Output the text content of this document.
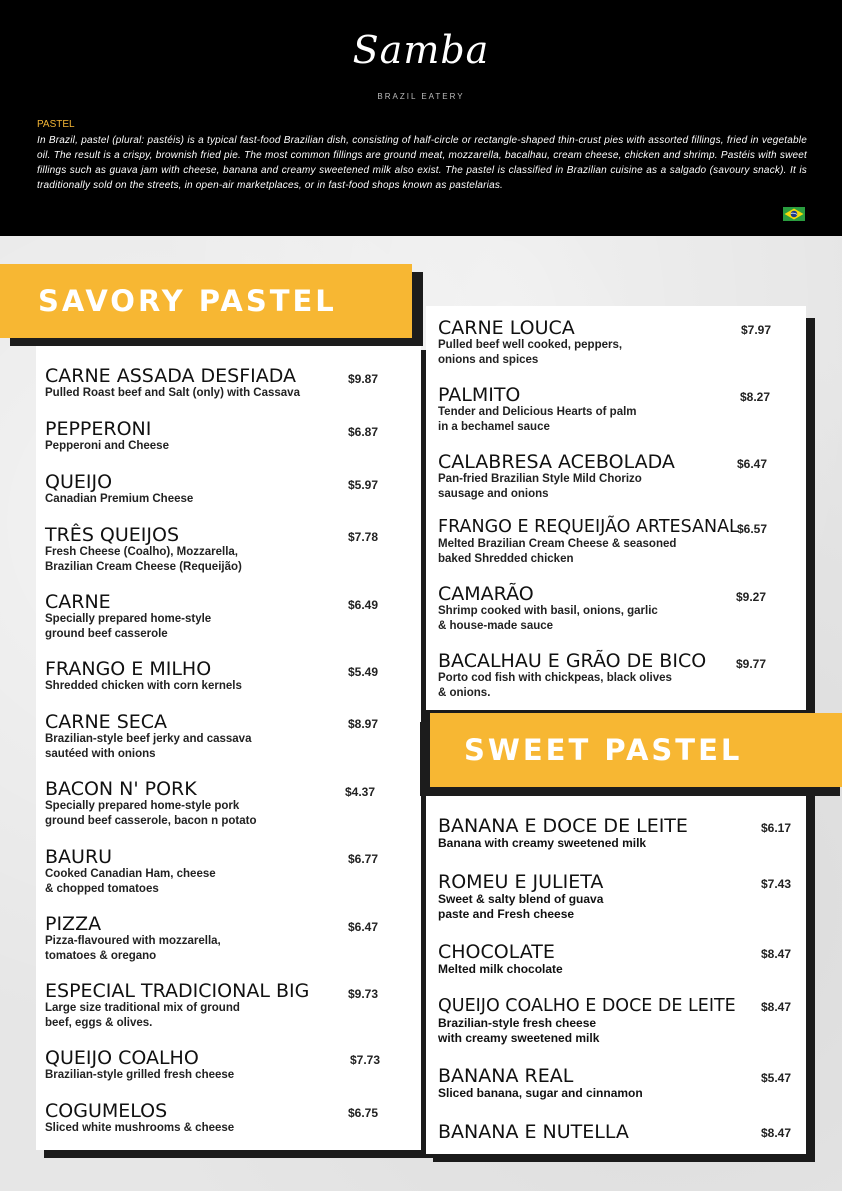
Samba
BRAZIL EATERY
PASTEL
In Brazil, pastel (plural: pastéis) is a typical fast-food Brazilian dish, consisting of half-circle or rectangle-shaped thin-crust pies with assorted fillings, fried in vegetable oil. The result is a crispy, brownish fried pie. The most common fillings are ground meat, mozzarella, bacalhau, cream cheese, chicken and shrimp. Pastéis with sweet fillings such as guava jam with cheese, banana and creamy sweetened milk also exist. The pastel is classified in Brazilian cuisine as a salgado (savoury snack). It is traditionally sold on the streets, in open-air marketplaces, or in fast-food shops known as pastelarias.
SAVORY PASTEL
SWEET PASTEL
CARNE ASSADA DESFIADA
Pulled Roast beef and Salt (only) with Cassava
$9.87
PEPPERONI
Pepperoni and Cheese
$6.87
QUEIJO
Canadian Premium Cheese
$5.97
TRÊS QUEIJOS
Fresh Cheese (Coalho), Mozzarella,
Brazilian Cream Cheese (Requeijão)
$7.78
CARNE
Specially prepared home-style
ground beef casserole
$6.49
FRANGO E MILHO
Shredded chicken with corn kernels
$5.49
CARNE SECA
Brazilian-style beef jerky and cassava
sautéed with onions
$8.97
BACON N' PORK
Specially prepared home-style pork
ground beef casserole, bacon n potato
$4.37
BAURU
Cooked Canadian Ham, cheese
& chopped tomatoes
$6.77
PIZZA
Pizza-flavoured with mozzarella,
tomatoes & oregano
$6.47
ESPECIAL TRADICIONAL BIG
Large size traditional mix of ground
beef, eggs & olives.
$9.73
QUEIJO COALHO
Brazilian-style grilled fresh cheese
$7.73
COGUMELOS
Sliced white mushrooms & cheese
$6.75
CARNE LOUCA
Pulled beef well cooked, peppers,
onions and spices
$7.97
PALMITO
Tender and Delicious Hearts of palm
in a bechamel sauce
$8.27
CALABRESA ACEBOLADA
Pan-fried Brazilian Style Mild Chorizo
sausage and onions
$6.47
FRANGO E REQUEIJÃO ARTESANAL
Melted Brazilian Cream Cheese & seasoned
baked Shredded chicken
$6.57
CAMARÃO
Shrimp cooked with basil, onions, garlic
& house-made sauce
$9.27
BACALHAU E GRÃO DE BICO
Porto cod fish with chickpeas, black olives
& onions.
$9.77
BANANA E DOCE DE LEITE
Banana with creamy sweetened milk
$6.17
ROMEU E JULIETA
Sweet & salty blend of guava
paste and Fresh cheese
$7.43
CHOCOLATE
Melted milk chocolate
$8.47
QUEIJO COALHO E DOCE DE LEITE
Brazilian-style fresh cheese
with creamy sweetened milk
$8.47
BANANA REAL
Sliced banana, sugar and cinnamon
$5.47
BANANA E NUTELLA	$8.47
